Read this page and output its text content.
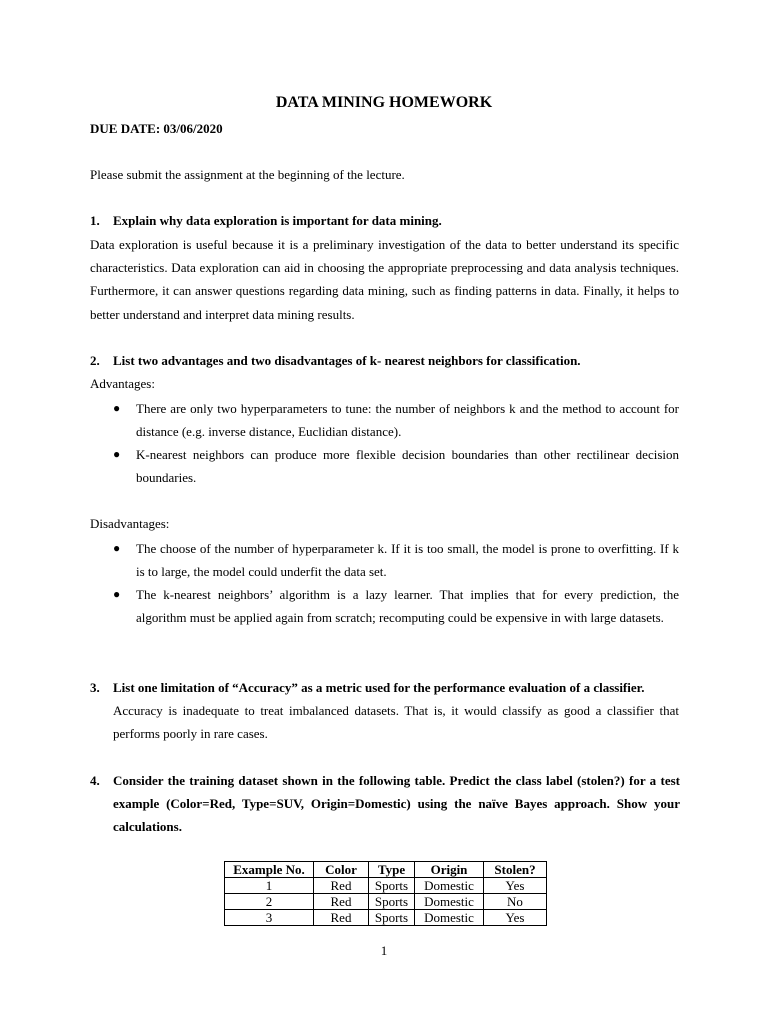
DATA MINING HOMEWORK
DUE DATE: 03/06/2020
Please submit the assignment at the beginning of the lecture.
1. Explain why data exploration is important for data mining.
Data exploration is useful because it is a preliminary investigation of the data to better understand its specific characteristics. Data exploration can aid in choosing the appropriate preprocessing and data analysis techniques. Furthermore, it can answer questions regarding data mining, such as finding patterns in data. Finally, it helps to better understand and interpret data mining results.
2. List two advantages and two disadvantages of k- nearest neighbors for classification.
Advantages:
● There are only two hyperparameters to tune: the number of neighbors k and the method to account for distance (e.g. inverse distance, Euclidian distance).
● K-nearest neighbors can produce more flexible decision boundaries than other rectilinear decision boundaries.
Disadvantages:
● The choose of the number of hyperparameter k. If it is too small, the model is prone to overfitting. If k is to large, the model could underfit the data set.
● The k-nearest neighbors’ algorithm is a lazy learner. That implies that for every prediction, the algorithm must be applied again from scratch; recomputing could be expensive in with large datasets.
3. List one limitation of “Accuracy” as a metric used for the performance evaluation of a classifier.
Accuracy is inadequate to treat imbalanced datasets. That is, it would classify as good a classifier that performs poorly in rare cases.
4. Consider the training dataset shown in the following table. Predict the class label (stolen?) for a test example (Color=Red, Type=SUV, Origin=Domestic) using the naïve Bayes approach. Show your calculations.
Example No.	Color	Type	Origin	Stolen?
1	Red	Sports	Domestic	Yes
2	Red	Sports	Domestic	No
3	Red	Sports	Domestic	Yes
1
